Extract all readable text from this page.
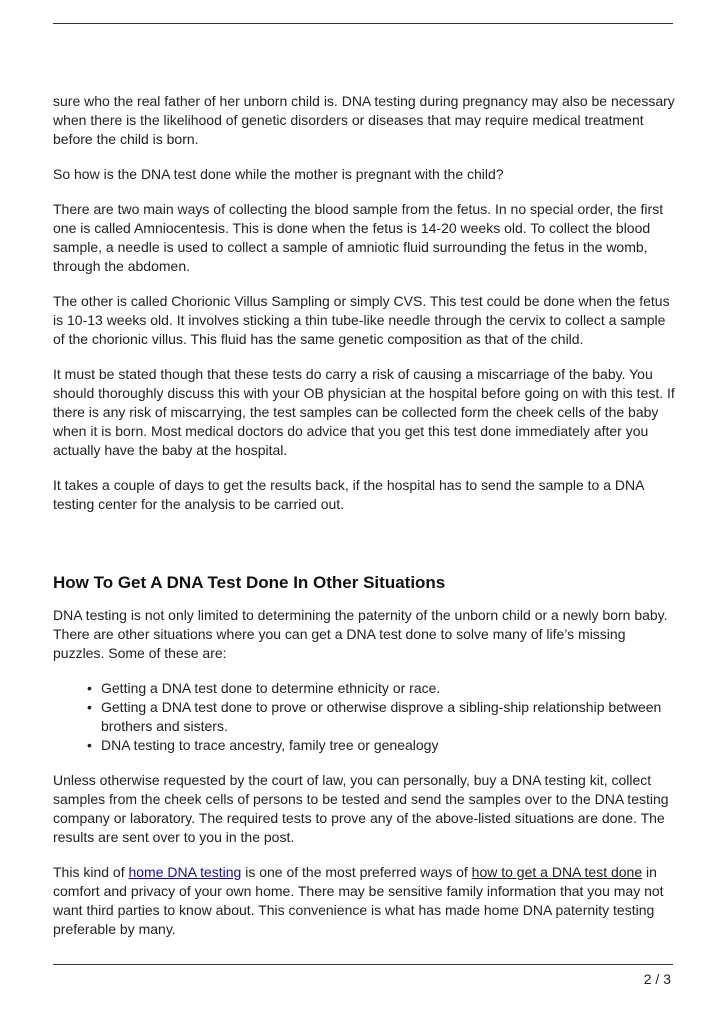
sure who the real father of her unborn child is. DNA testing during pregnancy may also be necessary when there is the likelihood of genetic disorders or diseases that may require medical treatment before the child is born.

So how is the DNA test done while the mother is pregnant with the child?

There are two main ways of collecting the blood sample from the fetus. In no special order, the first one is called Amniocentesis. This is done when the fetus is 14-20 weeks old. To collect the blood sample, a needle is used to collect a sample of amniotic fluid surrounding the fetus in the womb, through the abdomen.

The other is called Chorionic Villus Sampling or simply CVS. This test could be done when the fetus is 10-13 weeks old. It involves sticking a thin tube-like needle through the cervix to collect a sample of the chorionic villus. This fluid has the same genetic composition as that of the child.

It must be stated though that these tests do carry a risk of causing a miscarriage of the baby. You should thoroughly discuss this with your OB physician at the hospital before going on with this test. If there is any risk of miscarrying, the test samples can be collected form the cheek cells of the baby when it is born. Most medical doctors do advice that you get this test done immediately after you actually have the baby at the hospital.

It takes a couple of days to get the results back, if the hospital has to send the sample to a DNA testing center for the analysis to be carried out.

How To Get A DNA Test Done In Other Situations

DNA testing is not only limited to determining the paternity of the unborn child or a newly born baby. There are other situations where you can get a DNA test done to solve many of life’s missing puzzles. Some of these are:

• Getting a DNA test done to determine ethnicity or race.
• Getting a DNA test done to prove or otherwise disprove a sibling-ship relationship between brothers and sisters.
• DNA testing to trace ancestry, family tree or genealogy

Unless otherwise requested by the court of law, you can personally, buy a DNA testing kit, collect samples from the cheek cells of persons to be tested and send the samples over to the DNA testing company or laboratory. The required tests to prove any of the above-listed situations are done. The results are sent over to you in the post.

This kind of home DNA testing is one of the most preferred ways of how to get a DNA test done in comfort and privacy of your own home. There may be sensitive family information that you may not want third parties to know about. This convenience is what has made home DNA paternity testing preferable by many.

2 / 3
